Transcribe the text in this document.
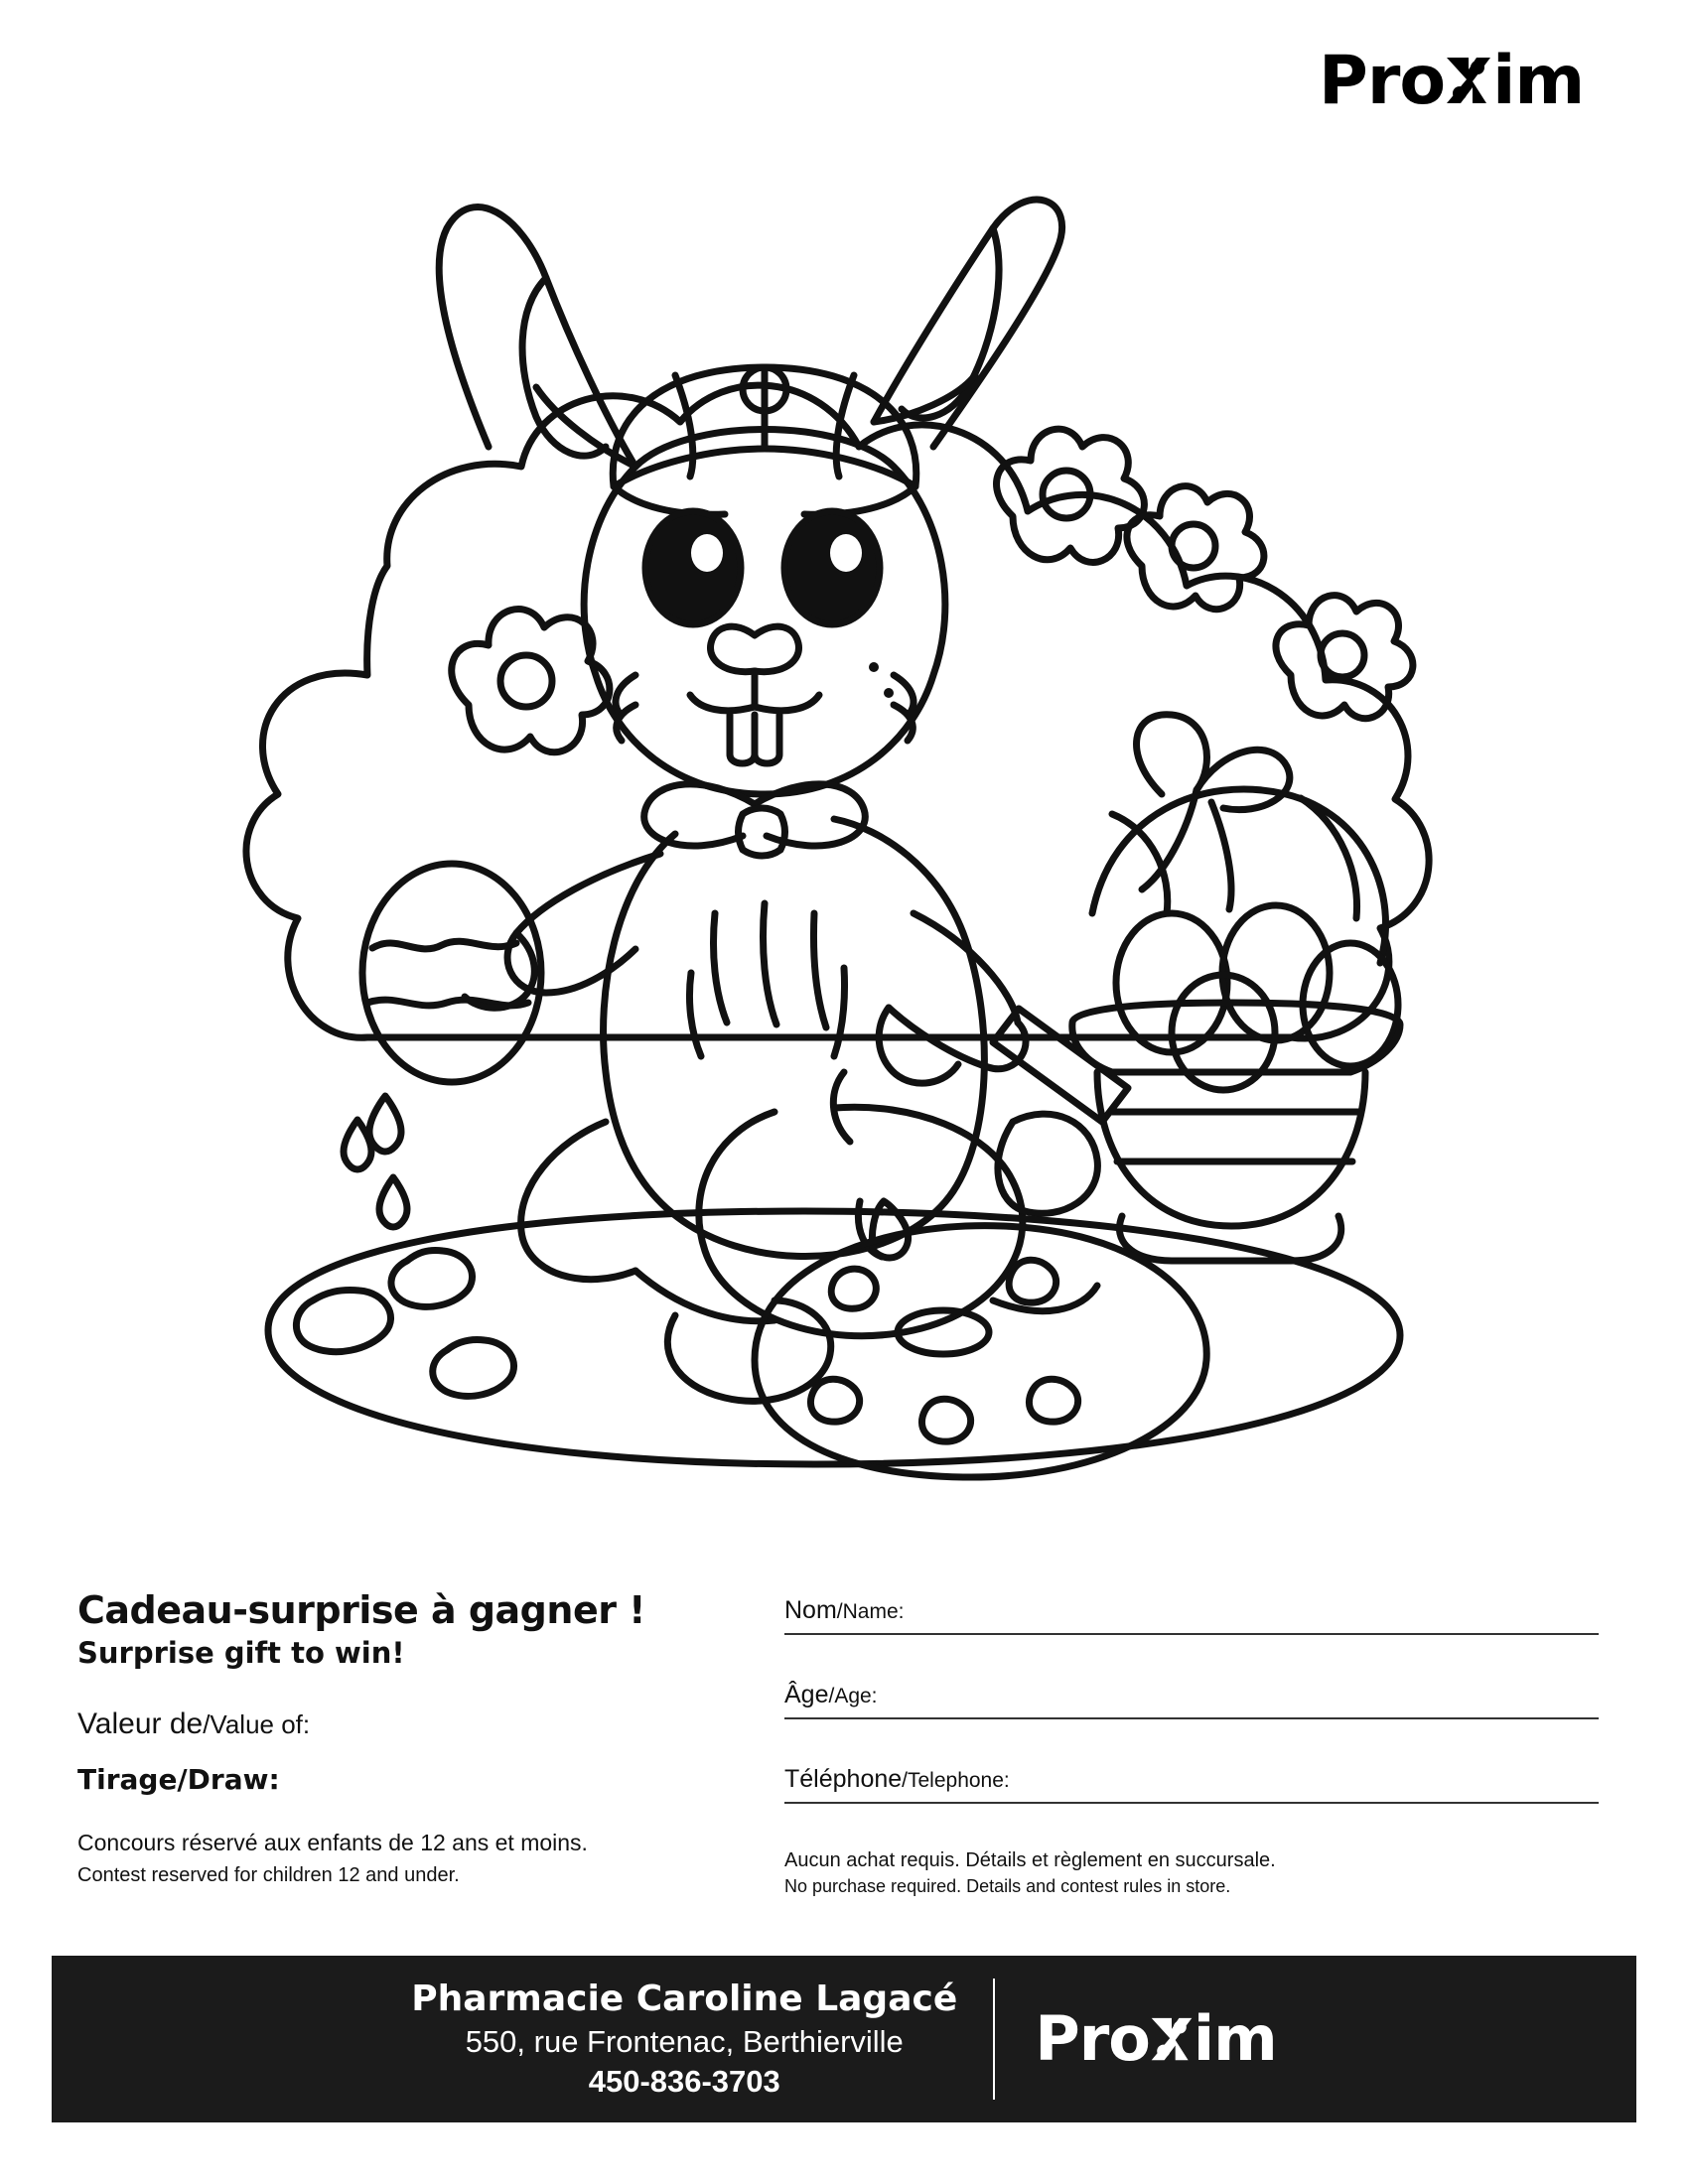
Pro im
Cadeau-surprise à gagner !
Surprise gift to win!
Valeur de/Value of:
Tirage/Draw:
Concours réservé aux enfants de 12 ans et moins.
Contest reserved for children 12 and under.
Nom/Name:
Âge/Age:
Téléphone/Telephone:
Aucun achat requis. Détails et règlement en succursale.
No purchase required. Details and contest rules in store.
Pharmacie Caroline Lagacé
550, rue Frontenac, Berthierville
450-836-3703
Pro im
